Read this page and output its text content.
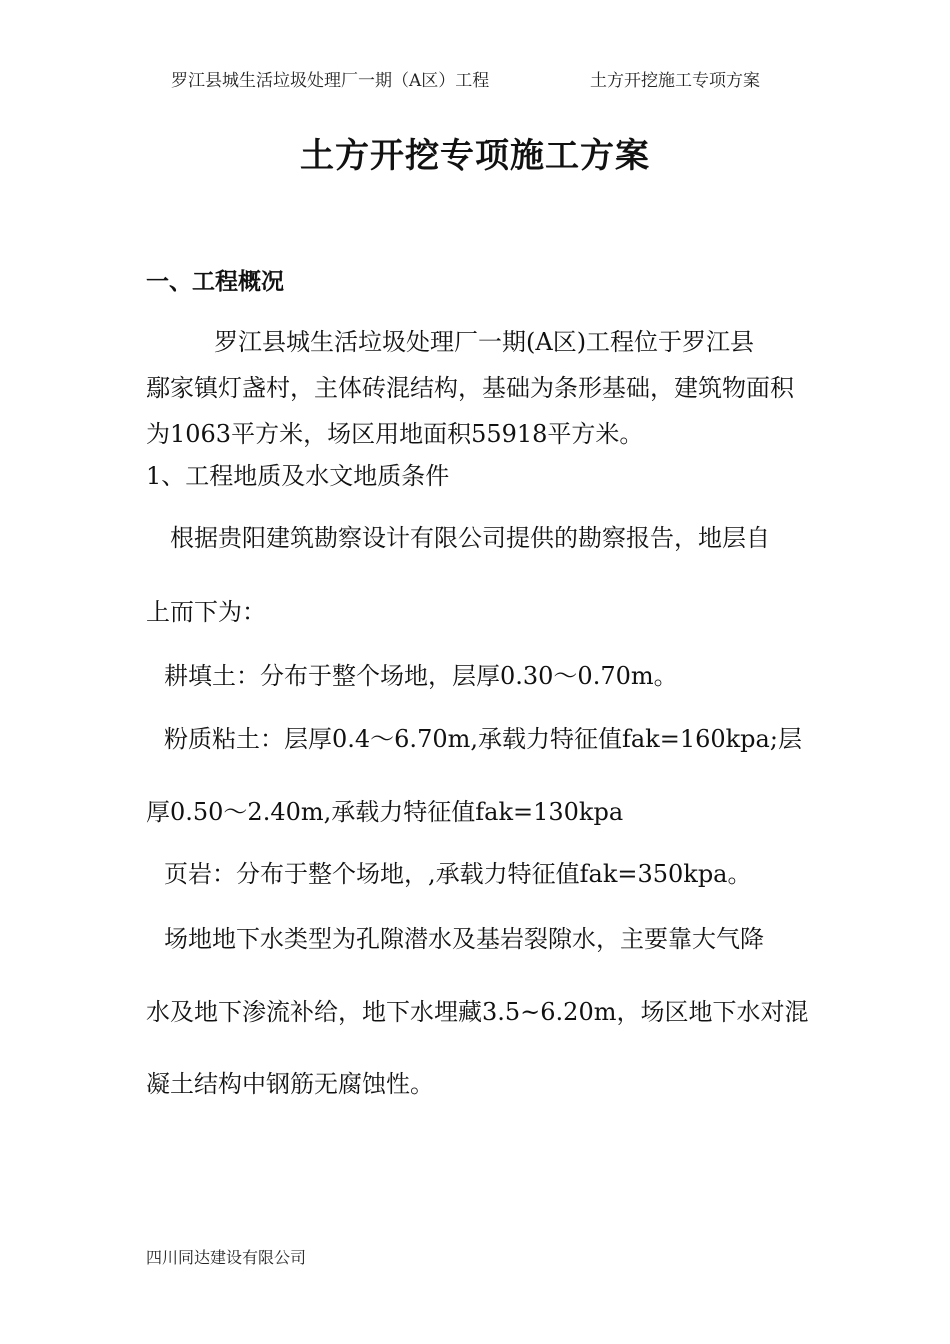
罗江县城生活垃圾处理厂一期（A区）工程	土方开挖施工专项方案
土方开挖专项施工方案
一、工程概况
罗江县城生活垃圾处理厂一期(A区)工程位于罗江县
鄢家镇灯盏村，主体砖混结构，基础为条形基础，建筑物面积
为1063平方米，场区用地面积55918平方米。
1、工程地质及水文地质条件
根据贵阳建筑勘察设计有限公司提供的勘察报告，地层自
上而下为：
耕填土：分布于整个场地，层厚0.30～0.70m。
粉质粘土：层厚0.4～6.70m,承载力特征值fak=160kpa;层
厚0.50～2.40m,承载力特征值fak=130kpa
页岩：分布于整个场地，,承载力特征值fak=350kpa。
场地地下水类型为孔隙潜水及基岩裂隙水，主要靠大气降
水及地下渗流补给，地下水埋藏3.5~6.20m，场区地下水对混
凝土结构中钢筋无腐蚀性。
四川同达建设有限公司
